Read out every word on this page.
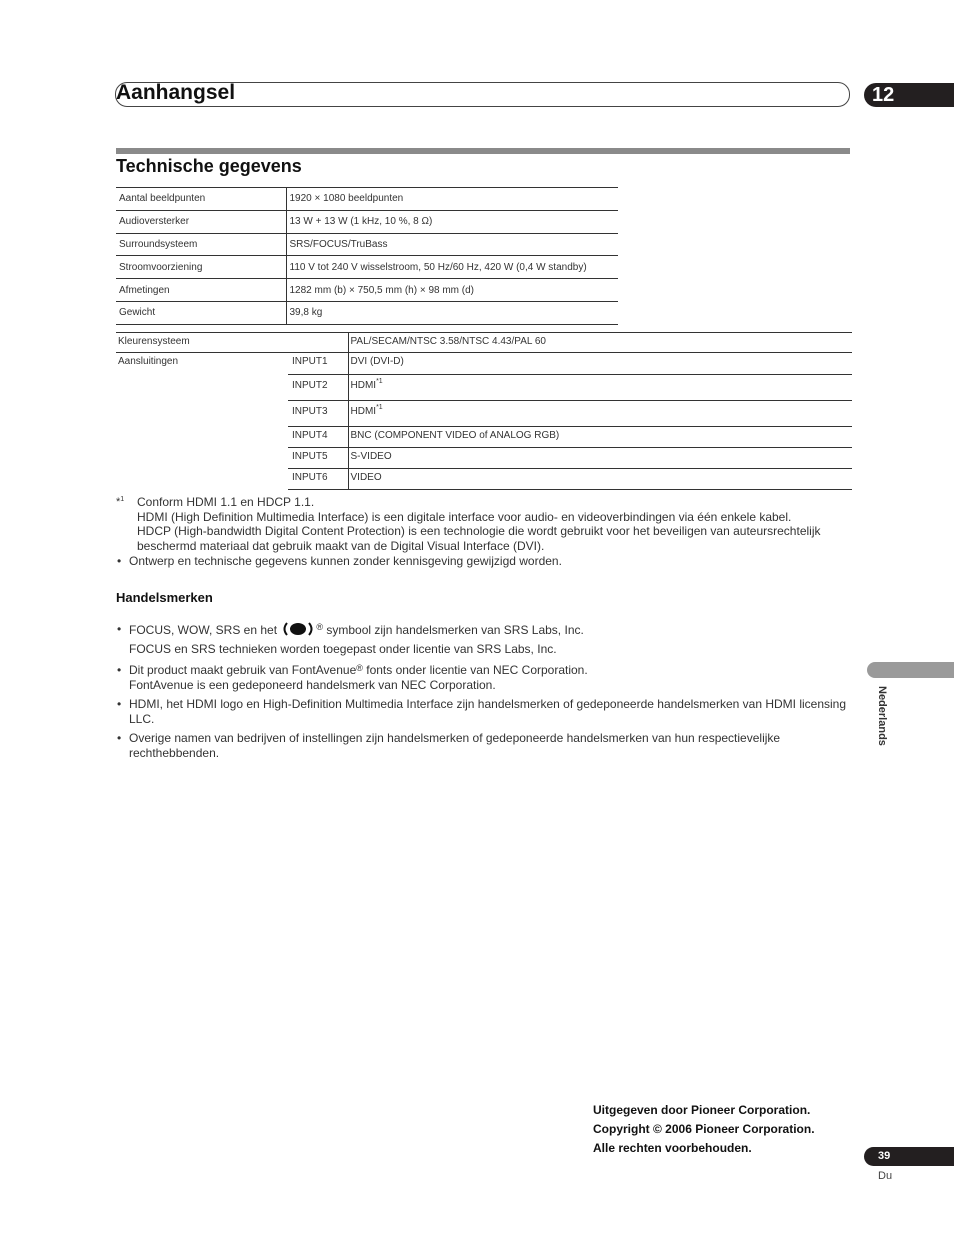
Aanhangsel	12
Technische gegevens
Aantal beeldpunten	1920 × 1080 beeldpunten
Audioversterker	13 W + 13 W (1 kHz, 10 %, 8 Ω)
Surroundsysteem	SRS/FOCUS/TruBass
Stroomvoorziening	110 V tot 240 V wisselstroom, 50 Hz/60 Hz, 420 W (0,4 W standby)
Afmetingen	1282 mm (b) × 750,5 mm (h) × 98 mm (d)
Gewicht	39,8 kg
Kleurensysteem		PAL/SECAM/NTSC 3.58/NTSC 4.43/PAL 60
Aansluitingen	INPUT1	DVI (DVI-D)
	INPUT2	HDMI$^{*1}$
	INPUT3	HDMI$^{*1}$
	INPUT4	BNC (COMPONENT VIDEO of ANALOG RGB)
	INPUT5	S-VIDEO
	INPUT6	VIDEO
*$^1$	Conform HDMI 1.1 en HDCP 1.1.
HDMI (High Definition Multimedia Interface) is een digitale interface voor audio- en videoverbindingen via één enkele kabel.
HDCP (High-bandwidth Digital Content Protection) is een technologie die wordt gebruikt voor het beveiligen van auteursrechtelijk beschermd materiaal dat gebruik maakt van de Digital Visual Interface (DVI).
• Ontwerp en technische gegevens kunnen zonder kennisgeving gewijzigd worden.
Handelsmerken
• FOCUS, WOW, SRS en het	® symbool zijn handelsmerken van SRS Labs, Inc.
FOCUS en SRS technieken worden toegepast onder licentie van SRS Labs, Inc.
• Dit product maakt gebruik van FontAvenue® fonts onder licentie van NEC Corporation.
FontAvenue is een gedeponeerd handelsmerk van NEC Corporation.
• HDMI, het HDMI logo en High-Definition Multimedia Interface zijn handelsmerken of gedeponeerde handelsmerken van HDMI licensing LLC.
• Overige namen van bedrijven of instellingen zijn handelsmerken of gedeponeerde handelsmerken van hun respectievelijke rechthebbenden.
Nederlands
Uitgegeven door Pioneer Corporation.
Copyright © 2006 Pioneer Corporation.
Alle rechten voorbehouden.
39
Du
